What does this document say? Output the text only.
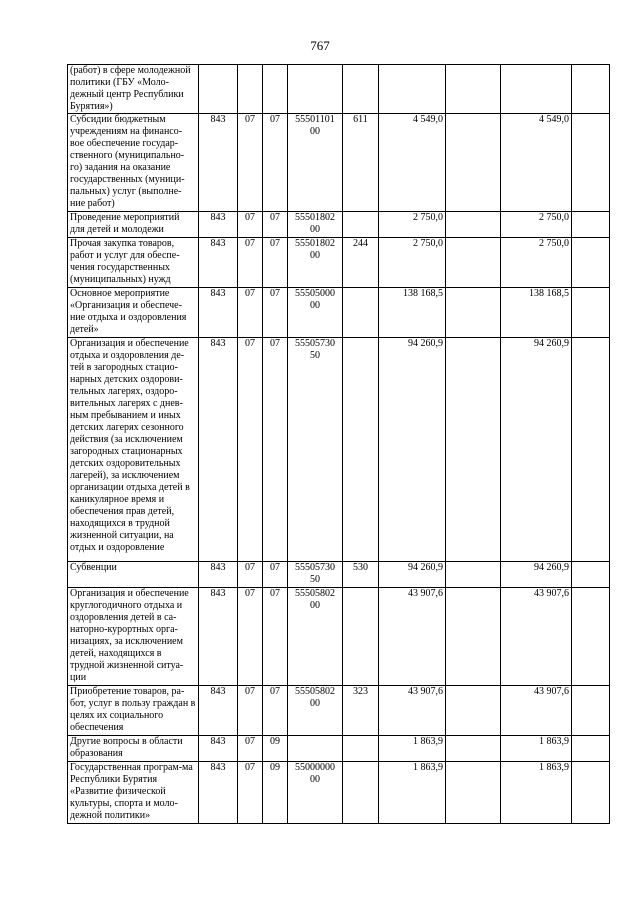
767
(работ) в сфере молодежной политики (ГБУ «Моло-дежный центр Республики Бурятия»)									
Субсидии бюджетным учреждениям на финансо-вое обеспечение государ-ственного (муниципально-го) задания на оказание государственных (муници-пальных) услуг (выполне-ние работ)	843	07	07	55501101 00	611	4 549,0		4 549,0	
Проведение мероприятий для детей и молодежи	843	07	07	55501802 00		2 750,0		2 750,0	
Прочая закупка товаров, работ и услуг для обеспе-чения государственных (муниципальных) нужд	843	07	07	55501802 00	244	2 750,0		2 750,0	
Основное мероприятие «Организация и обеспече-ние отдыха и оздоровления детей»	843	07	07	55505000 00		138 168,5		138 168,5	
Организация и обеспечение отдыха и оздоровления де-тей в загородных стацио-нарных детских оздорови-тельных лагерях, оздоро-вительных лагерях с днев-ным пребыванием и иных детских лагерях сезонного действия (за исключением загородных стационарных детских оздоровительных лагерей), за исключением организации отдыха детей в каникулярное время и обеспечения прав детей, находящихся в трудной жизненной ситуации, на отдых и оздоровление	843	07	07	55505730 50		94 260,9		94 260,9	
Субвенции	843	07	07	55505730 50	530	94 260,9		94 260,9	
Организация и обеспечение круглогодичного отдыха и оздоровления детей в са-наторно-курортных орга-низациях, за исключением детей, находящихся в трудной жизненной ситуа-ции	843	07	07	55505802 00		43 907,6		43 907,6	
Приобретение товаров, ра-бот, услуг в пользу граждан в целях их социального обеспечения	843	07	07	55505802 00	323	43 907,6		43 907,6	
Другие вопросы в области образования	843	07	09			1 863,9		1 863,9	
Государственная програм-ма Республики Бурятия «Развитие физической культуры, спорта и моло-дежной политики»	843	07	09	55000000 00		1 863,9		1 863,9	
